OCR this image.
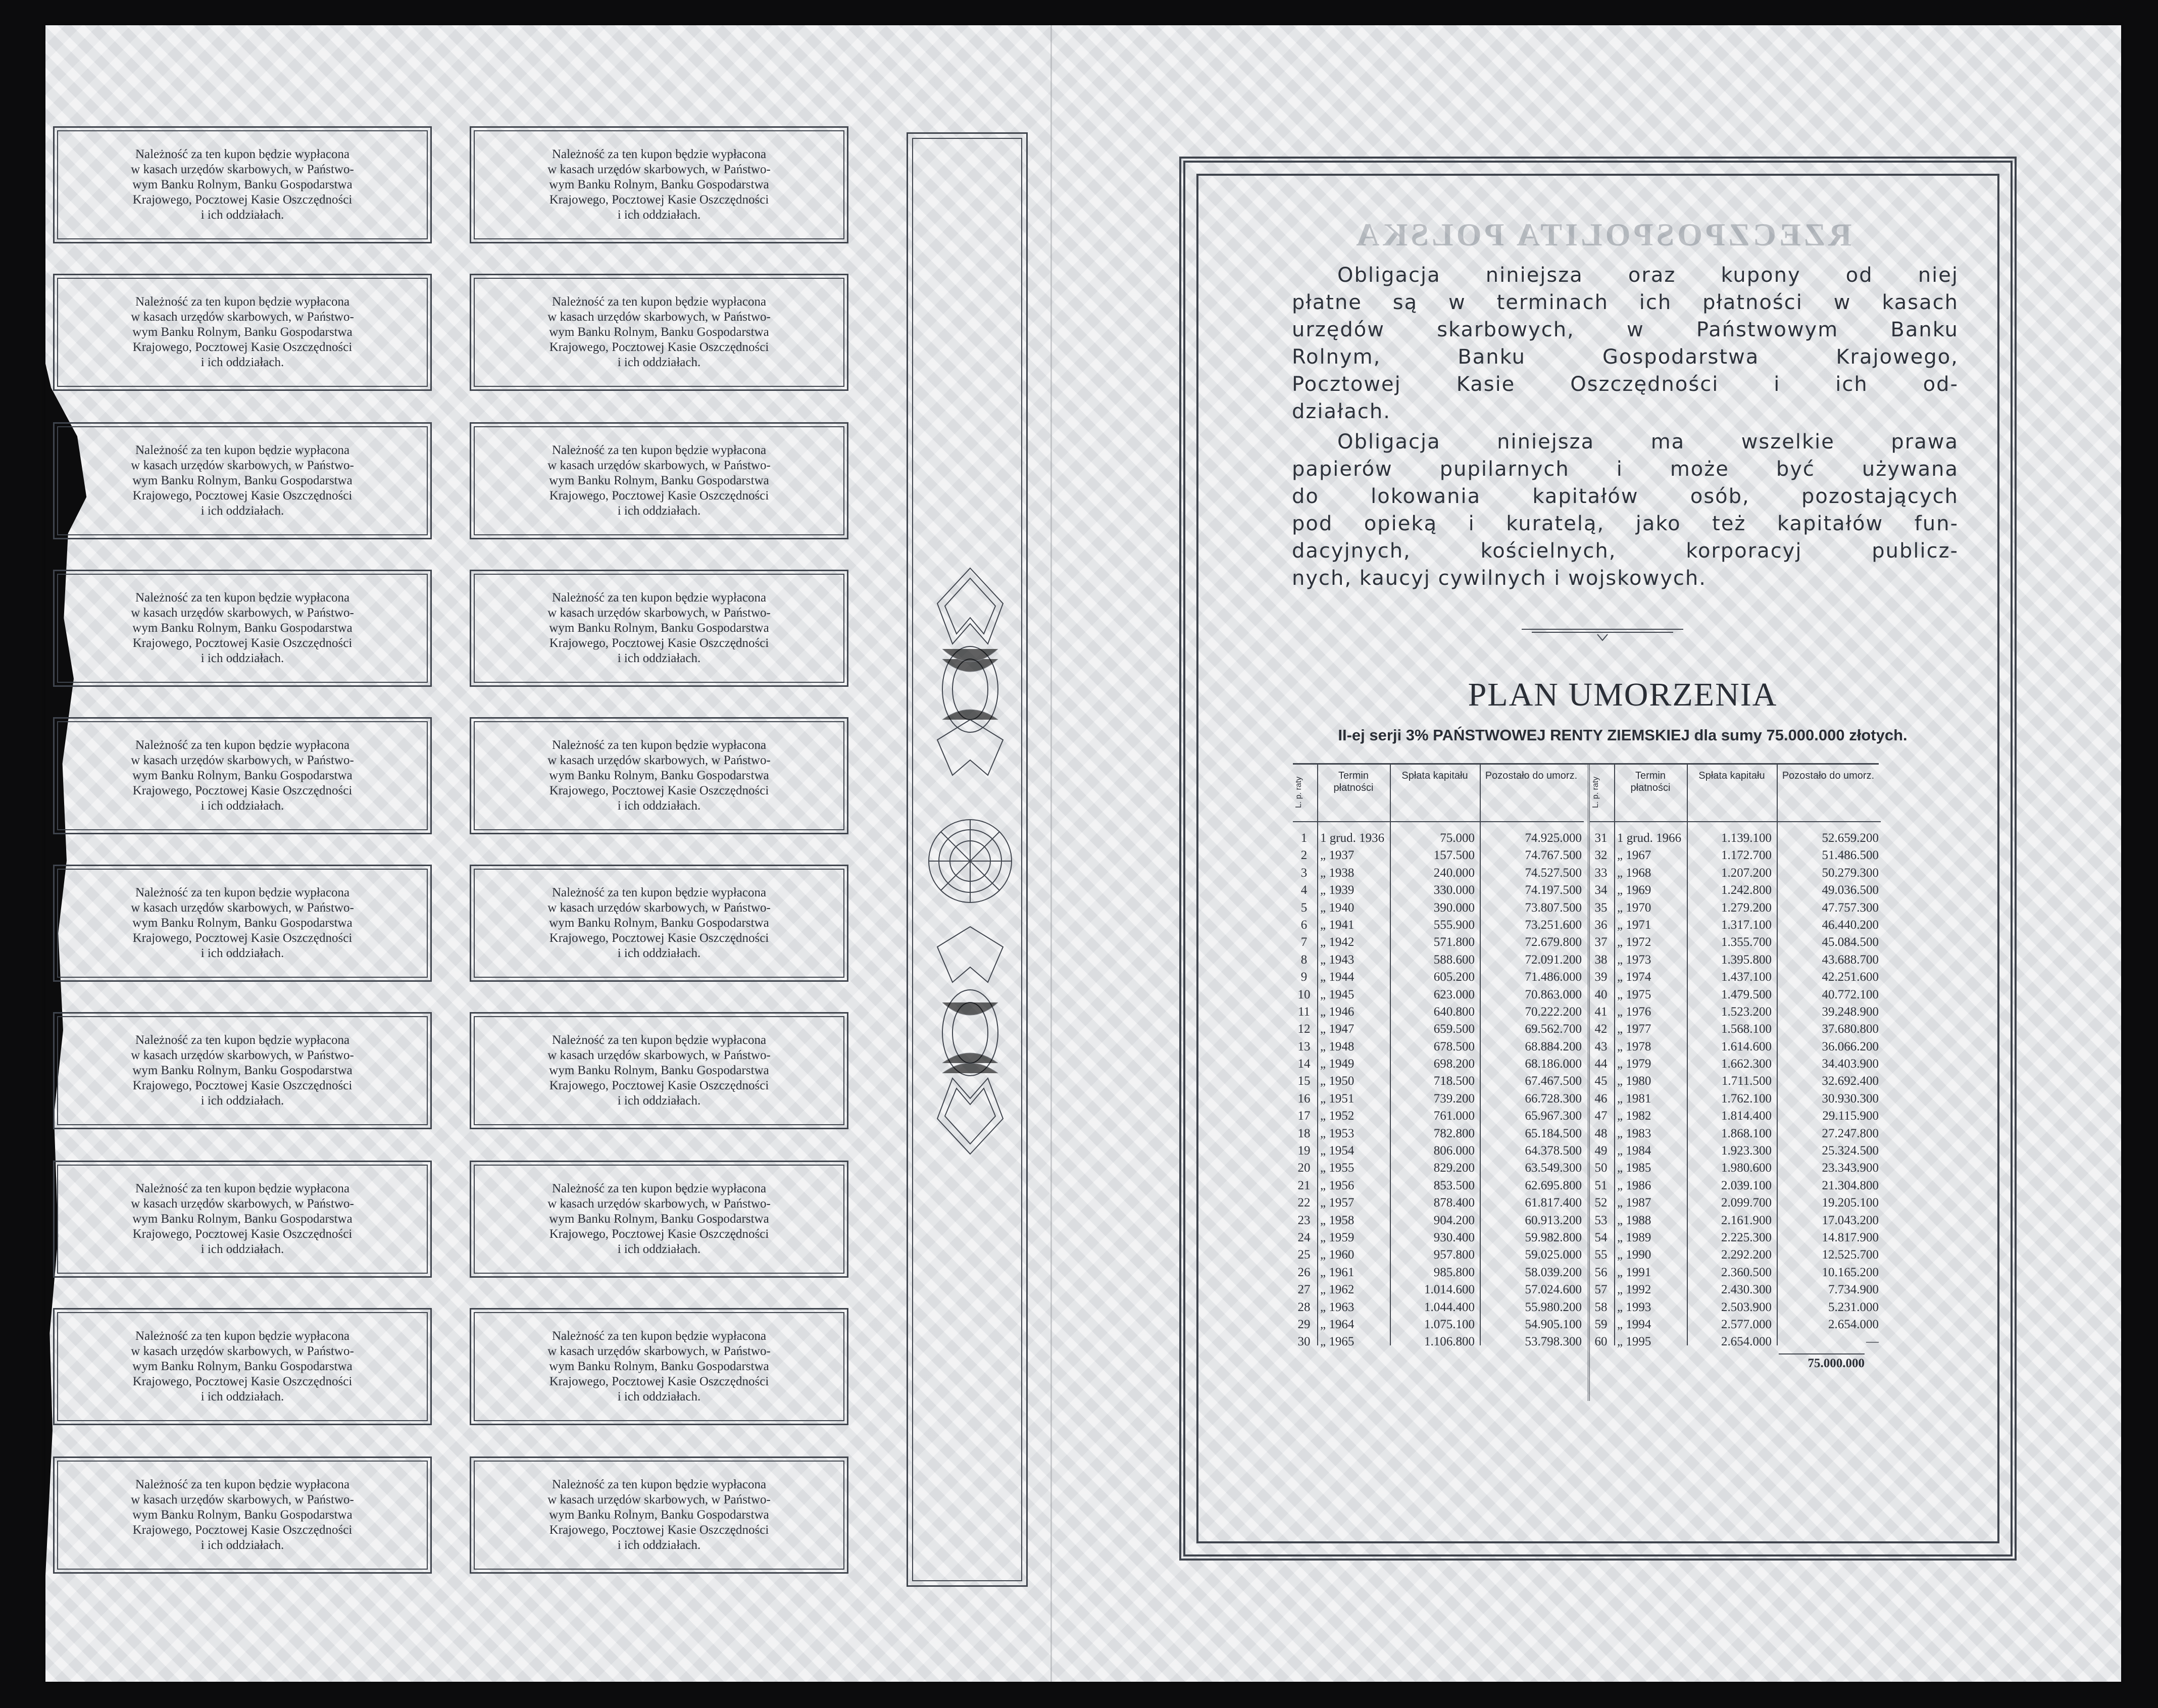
Należność za ten kupon będzie wypłacona
w kasach urzędów skarbowych, w Państwo-
wym Banku Rolnym, Banku Gospodarstwa
Krajowego, Pocztowej Kasie Oszczędności
i ich oddziałach.
Należność za ten kupon będzie wypłacona
w kasach urzędów skarbowych, w Państwo-
wym Banku Rolnym, Banku Gospodarstwa
Krajowego, Pocztowej Kasie Oszczędności
i ich oddziałach.
Należność za ten kupon będzie wypłacona
w kasach urzędów skarbowych, w Państwo-
wym Banku Rolnym, Banku Gospodarstwa
Krajowego, Pocztowej Kasie Oszczędności
i ich oddziałach.
Należność za ten kupon będzie wypłacona
w kasach urzędów skarbowych, w Państwo-
wym Banku Rolnym, Banku Gospodarstwa
Krajowego, Pocztowej Kasie Oszczędności
i ich oddziałach.
Należność za ten kupon będzie wypłacona
w kasach urzędów skarbowych, w Państwo-
wym Banku Rolnym, Banku Gospodarstwa
Krajowego, Pocztowej Kasie Oszczędności
i ich oddziałach.
Należność za ten kupon będzie wypłacona
w kasach urzędów skarbowych, w Państwo-
wym Banku Rolnym, Banku Gospodarstwa
Krajowego, Pocztowej Kasie Oszczędności
i ich oddziałach.
Należność za ten kupon będzie wypłacona
w kasach urzędów skarbowych, w Państwo-
wym Banku Rolnym, Banku Gospodarstwa
Krajowego, Pocztowej Kasie Oszczędności
i ich oddziałach.
Należność za ten kupon będzie wypłacona
w kasach urzędów skarbowych, w Państwo-
wym Banku Rolnym, Banku Gospodarstwa
Krajowego, Pocztowej Kasie Oszczędności
i ich oddziałach.
Należność za ten kupon będzie wypłacona
w kasach urzędów skarbowych, w Państwo-
wym Banku Rolnym, Banku Gospodarstwa
Krajowego, Pocztowej Kasie Oszczędności
i ich oddziałach.
Należność za ten kupon będzie wypłacona
w kasach urzędów skarbowych, w Państwo-
wym Banku Rolnym, Banku Gospodarstwa
Krajowego, Pocztowej Kasie Oszczędności
i ich oddziałach.
Należność za ten kupon będzie wypłacona
w kasach urzędów skarbowych, w Państwo-
wym Banku Rolnym, Banku Gospodarstwa
Krajowego, Pocztowej Kasie Oszczędności
i ich oddziałach.
Należność za ten kupon będzie wypłacona
w kasach urzędów skarbowych, w Państwo-
wym Banku Rolnym, Banku Gospodarstwa
Krajowego, Pocztowej Kasie Oszczędności
i ich oddziałach.
Należność za ten kupon będzie wypłacona
w kasach urzędów skarbowych, w Państwo-
wym Banku Rolnym, Banku Gospodarstwa
Krajowego, Pocztowej Kasie Oszczędności
i ich oddziałach.
Należność za ten kupon będzie wypłacona
w kasach urzędów skarbowych, w Państwo-
wym Banku Rolnym, Banku Gospodarstwa
Krajowego, Pocztowej Kasie Oszczędności
i ich oddziałach.
Należność za ten kupon będzie wypłacona
w kasach urzędów skarbowych, w Państwo-
wym Banku Rolnym, Banku Gospodarstwa
Krajowego, Pocztowej Kasie Oszczędności
i ich oddziałach.
Należność za ten kupon będzie wypłacona
w kasach urzędów skarbowych, w Państwo-
wym Banku Rolnym, Banku Gospodarstwa
Krajowego, Pocztowej Kasie Oszczędności
i ich oddziałach.
Należność za ten kupon będzie wypłacona
w kasach urzędów skarbowych, w Państwo-
wym Banku Rolnym, Banku Gospodarstwa
Krajowego, Pocztowej Kasie Oszczędności
i ich oddziałach.
Należność za ten kupon będzie wypłacona
w kasach urzędów skarbowych, w Państwo-
wym Banku Rolnym, Banku Gospodarstwa
Krajowego, Pocztowej Kasie Oszczędności
i ich oddziałach.
Należność za ten kupon będzie wypłacona
w kasach urzędów skarbowych, w Państwo-
wym Banku Rolnym, Banku Gospodarstwa
Krajowego, Pocztowej Kasie Oszczędności
i ich oddziałach.
Należność za ten kupon będzie wypłacona
w kasach urzędów skarbowych, w Państwo-
wym Banku Rolnym, Banku Gospodarstwa
Krajowego, Pocztowej Kasie Oszczędności
i ich oddziałach.
RZECZPOSPOLITA POLSKA
Obligacja niniejsza oraz kupony od niej
płatne są w terminach ich płatności w kasach
urzędów skarbowych, w Państwowym Banku
Rolnym, Banku Gospodarstwa Krajowego,
Pocztowej Kasie Oszczędności i ich od-
działach.
Obligacja niniejsza ma wszelkie prawa
papierów pupilarnych i może być używana
do lokowania kapitałów osób, pozostających
pod opieką i kuratelą, jako też kapitałów fun-
dacyjnych, kościelnych, korporacyj publicz-
nych, kaucyj cywilnych i wojskowych.
PLAN UMORZENIA
II-ej serji 3% PAŃSTWOWEJ RENTY ZIEMSKIEJ dla sumy 75.000.000 złotych.
L. p. raty
Termin płatności
Spłata kapitału	Pozostało do umorz.
1	1 grud. 1936	75.000	74.925.000
2	„ 1937	157.500	74.767.500
3	„ 1938	240.000	74.527.500
4	„ 1939	330.000	74.197.500
5	„ 1940	390.000	73.807.500
6	„ 1941	555.900	73.251.600
7	„ 1942	571.800	72.679.800
8	„ 1943	588.600	72.091.200
9	„ 1944	605.200	71.486.000
10 „ 1945	623.000	70.863.000
11 „ 1946	640.800	70.222.200
12 „ 1947	659.500	69.562.700
13 „ 1948	678.500	68.884.200
14 „ 1949	698.200	68.186.000
15 „ 1950	718.500	67.467.500
16 „ 1951	739.200	66.728.300
17 „ 1952	761.000	65.967.300
18 „ 1953	782.800	65.184.500
19 „ 1954	806.000	64.378.500
20 „ 1955	829.200	63.549.300
21 „ 1956	853.500	62.695.800
22 „ 1957	878.400	61.817.400
23 „ 1958	904.200	60.913.200
24 „ 1959	930.400	59.982.800
25 „ 1960	957.800	59.025.000
26 „ 1961	985.800	58.039.200
27 „ 1962	1.014.600	57.024.600
28 „ 1963	1.044.400	55.980.200
29 „ 1964	1.075.100	54.905.100
30 „ 1965	1.106.800	53.798.300
L. p. raty
Termin płatności
Spłata kapitału	Pozostało do umorz.
31 1 grud. 1966	1.139.100	52.659.200
32 „ 1967	1.172.700	51.486.500
33 „ 1968	1.207.200	50.279.300
34 „ 1969	1.242.800	49.036.500
35 „ 1970	1.279.200	47.757.300
36 „ 1971	1.317.100	46.440.200
37 „ 1972	1.355.700	45.084.500
38 „ 1973	1.395.800	43.688.700
39 „ 1974	1.437.100	42.251.600
40 „ 1975	1.479.500	40.772.100
41 „ 1976	1.523.200	39.248.900
42 „ 1977	1.568.100	37.680.800
43 „ 1978	1.614.600	36.066.200
44 „ 1979	1.662.300	34.403.900
45 „ 1980	1.711.500	32.692.400
46 „ 1981	1.762.100	30.930.300
47 „ 1982	1.814.400	29.115.900
48 „ 1983	1.868.100	27.247.800
49 „ 1984	1.923.300	25.324.500
50 „ 1985	1.980.600	23.343.900
51 „ 1986	2.039.100	21.304.800
52 „ 1987	2.099.700	19.205.100
53 „ 1988	2.161.900	17.043.200
54 „ 1989	2.225.300	14.817.900
55 „ 1990	2.292.200	12.525.700
56 „ 1991	2.360.500	10.165.200
57 „ 1992	2.430.300	7.734.900
58 „ 1993	2.503.900	5.231.000
59 „ 1994	2.577.000	2.654.000
60 „ 1995	2.654.000	—
75.000.000
